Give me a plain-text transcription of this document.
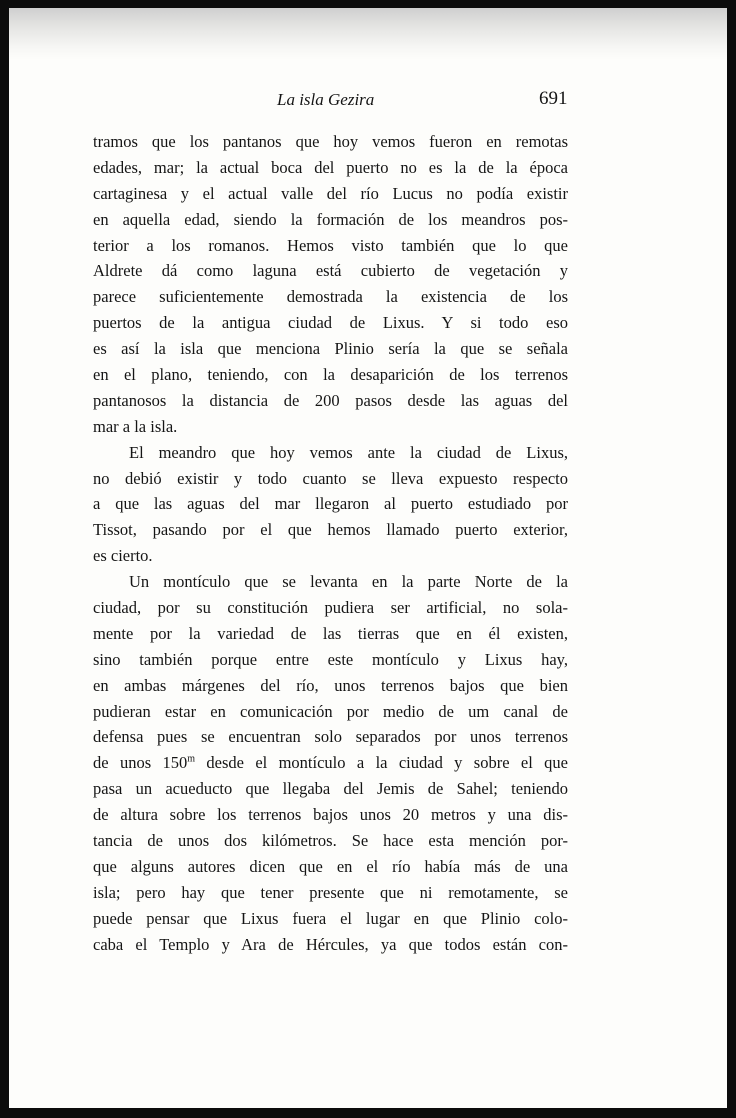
La isla Gezira	691
tramos que los pantanos que hoy vemos fueron en remotas
edades, mar; la actual boca del puerto no es la de la época
cartaginesa y el actual valle del río Lucus no podía existir
en aquella edad, siendo la formación de los meandros pos-
terior a los romanos. Hemos visto también que lo que
Aldrete dá como laguna está cubierto de vegetación y
parece suficientemente demostrada la existencia de los
puertos de la antigua ciudad de Lixus. Y si todo eso
es así la isla que menciona Plinio sería la que se señala
en el plano, teniendo, con la desaparición de los terrenos
pantanosos la distancia de 200 pasos desde las aguas del
mar a la isla.
El meandro que hoy vemos ante la ciudad de Lixus,
no debió existir y todo cuanto se lleva expuesto respecto
a que las aguas del mar llegaron al puerto estudiado por
Tissot, pasando por el que hemos llamado puerto exterior,
es cierto.
Un montículo que se levanta en la parte Norte de la
ciudad, por su constitución pudiera ser artificial, no sola-
mente por la variedad de las tierras que en él existen,
sino también porque entre este montículo y Lixus hay,
en ambas márgenes del río, unos terrenos bajos que bien
pudieran estar en comunicación por medio de um canal de
defensa pues se encuentran solo separados por unos terrenos
de unos 150$^m$ desde el montículo a la ciudad y sobre el que
pasa un acueducto que llegaba del Jemis de Sahel; teniendo
de altura sobre los terrenos bajos unos 20 metros y una dis-
tancia de unos dos kilómetros. Se hace esta mención por-
que alguns autores dicen que en el río había más de una
isla; pero hay que tener presente que ni remotamente, se
puede pensar que Lixus fuera el lugar en que Plinio colo-
caba el Templo y Ara de Hércules, ya que todos están con-
